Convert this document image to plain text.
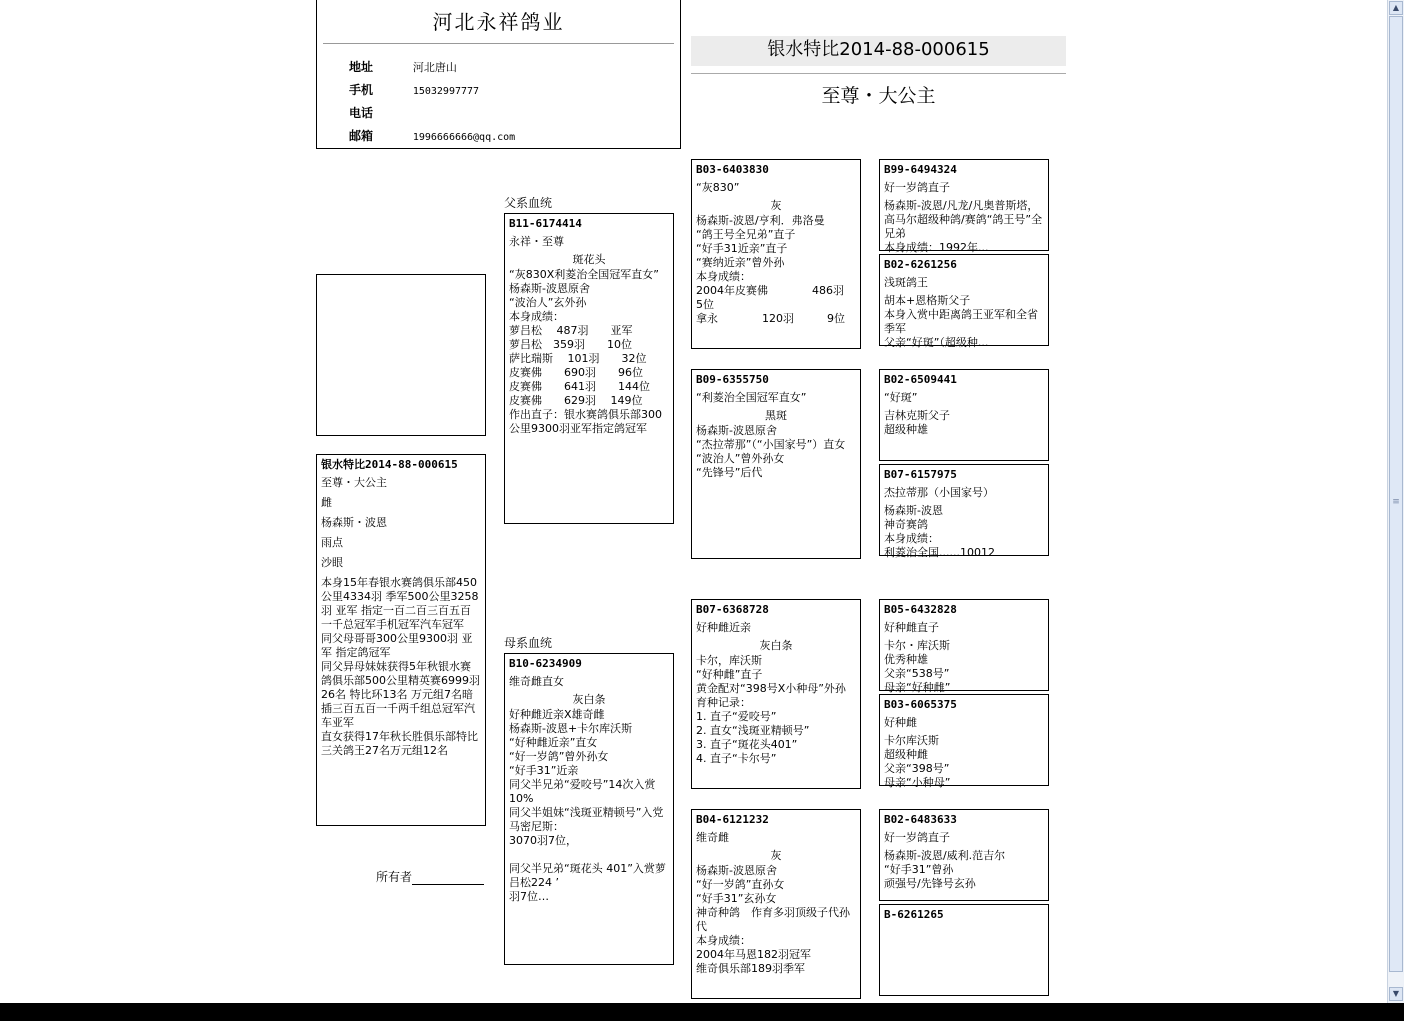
河北永祥鸽业
地址	河北唐山
手机	15032997777
电话
邮箱	1996666666@qq.com
银水特比2014-88-000615
至尊・大公主
银水特比2014-88-000615
至尊・大公主
雌
杨森斯・波恩
雨点
沙眼
本身15年春银水赛鸽俱乐部450公里4334羽 季军500公里3258羽 亚军 指定一百二百三百五百一千总冠军手机冠军汽车冠军
同父母哥哥300公里9300羽 亚军 指定鸽冠军
同父异母妹妹获得5年秋银水赛鸽俱乐部500公里精英赛6999羽26名 特比环13名 万元组7名暗插三百五百一千两千组总冠军汽车亚军
直女获得17年秋长胜俱乐部特比三关鸽王27名万元组12名
所有者
父系血统
母系血统
B11-6174414
永祥・至尊
斑花头
“灰830X利菱治全国冠军直女”
杨森斯-波恩原舍
“波治人”玄外孙
本身成绩：
萝吕松　 487羽　　亚军
萝吕松　359羽　　10位
萨比瑞斯　 101羽　　32位
皮赛佛　　690羽　　96位
皮赛佛　　641羽　　144位
皮赛佛　　629羽　 149位
作出直子：银水赛鸽俱乐部300公里9300羽亚军指定鸽冠军
B10-6234909
维奇雌直女
灰白条
好种雌近亲X雄奇雌
杨森斯-波恩+卡尔库沃斯
“好种雌近亲”直女
“好一岁鸽”曾外孙女
“好手31”近亲
同父半兄弟“爱咬号”14次入赏10%
同父半姐妹“浅斑亚精顿号”入党马密尼斯：
3070羽7位，

同父半兄弟“斑花头 401”入赏萝吕松224 ’
羽7位…
B03-6403830
“灰830”
灰
杨森斯-波恩/亨利．弗洛曼
“鸽王号全兄弟”直子
“好手31近亲”直子
“赛纳近亲”曾外孙
本身成绩：
2004年皮赛佛　　　　486羽　　　5位
拿永　　　　120羽　　　9位
B09-6355750
“利菱治全国冠军直女”
黑斑
杨森斯-波恩原舍
“杰拉蒂那”（“小国家号”）直女
“波治人”曾外孙女
“先锋号”后代
B07-6368728
好种雌近亲
灰白条
卡尔，库沃斯
“好种雌”直子
黄金配对“398号X小种母”外孙
育种记录：
1. 直子“爱咬号”
2. 直女“浅斑亚精顿号”
3. 直子“斑花头401”
4. 直子“卡尔号”
B04-6121232
维奇雌
灰
杨森斯-波恩原舍
“好一岁鸽”直孙女
“好手31”玄孙女
神奇种鸽　作育多羽顶级子代孙代
本身成绩：
2004年马恩182羽冠军
维奇俱乐部189羽季军
B99-6494324
好一岁鸽直子
杨森斯-波恩/凡龙/凡奥普斯塔，高马尔超级种鸽/赛鸽“鸽王号”全兄弟
本身成绩：1992年...
B02-6261256
浅斑鸽王
胡本+恩格斯父子
本身入赏中距离鸽王亚军和全省季军
父亲“好斑”（超级种...
B02-6509441
“好斑”
吉林克斯父子
超级种雄
B07-6157975
杰拉蒂那（小国家号）
杨森斯-波恩
神奇赛鸽
本身成绩：
利菱治全国......10012
B05-6432828
好种雌直子
卡尔・库沃斯
优秀种雄
父亲“538号”
母亲“好种雌”
B03-6065375
好种雌
卡尔库沃斯
超级种雌
父亲“398号”
母亲“小种母”
B02-6483633
好一岁鸽直子
杨森斯-波恩/威利.范吉尔
“好手31”曾孙
顽强号/先锋号玄孙
B-6261265
▲
≡
▼
